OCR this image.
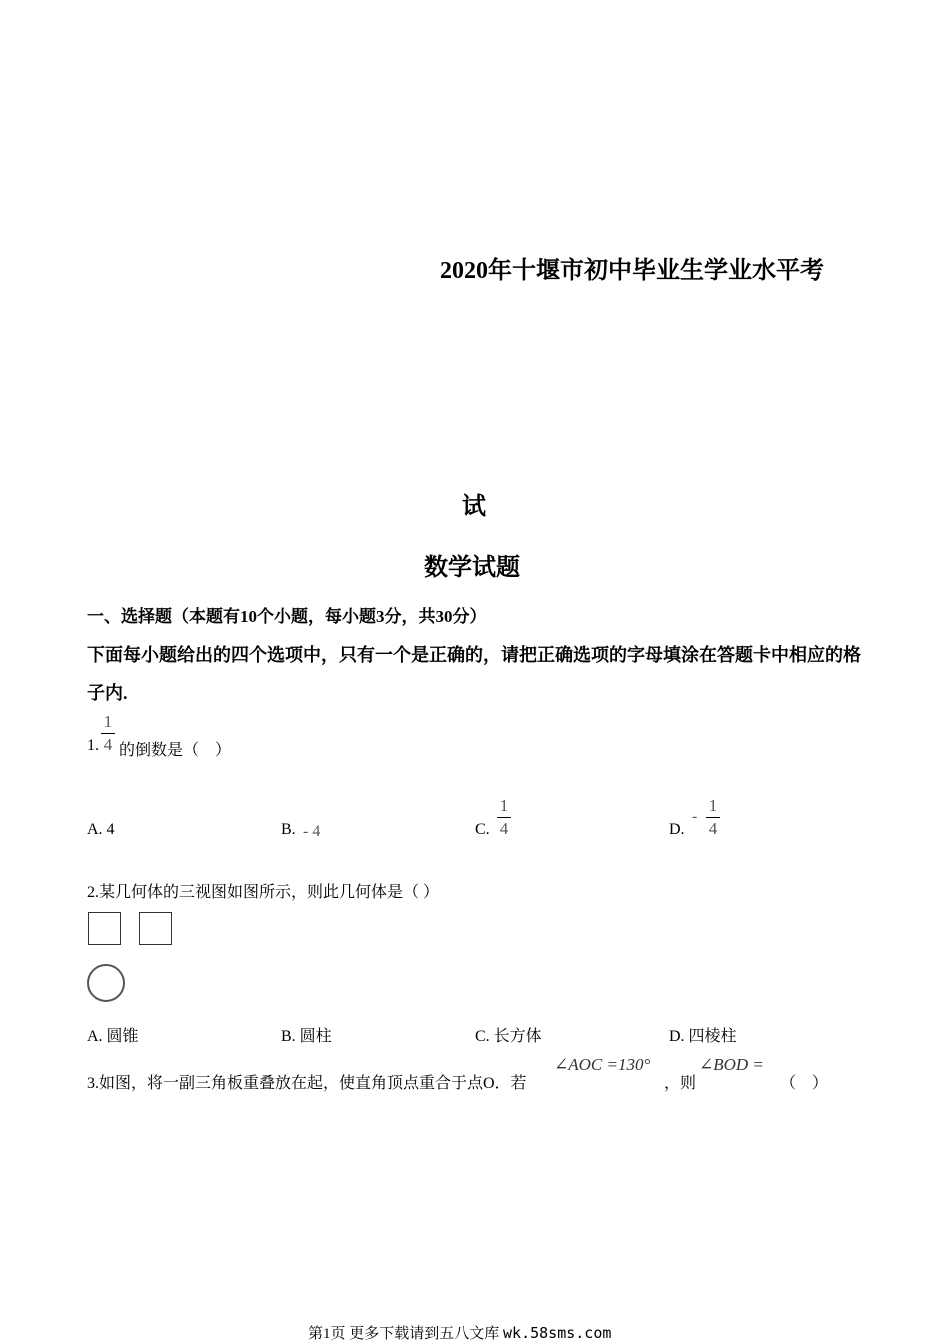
2020年十堰市初中毕业生学业水平考
试
数学试题
一、选择题（本题有10个小题，每小题3分，共30分）
下面每小题给出的四个选项中，只有一个是正确的，请把正确选项的字母填涂在答题卡中相应的格子内.
1.
1
4 的倒数是（　）
A. 4	B. - 4	C.
1
4	D.
-
1
4
2.某几何体的三视图如图所示，则此几何体是（ ）
A. 圆锥	B. 圆柱	C. 长方体	D. 四棱柱
3.如图，将一副三角板重叠放在起，使直角顶点重合于点O．若
∠AOC =130°
，则
∠BOD =
（　）
第1页 更多下载请到五八文库 wk.58sms.com
